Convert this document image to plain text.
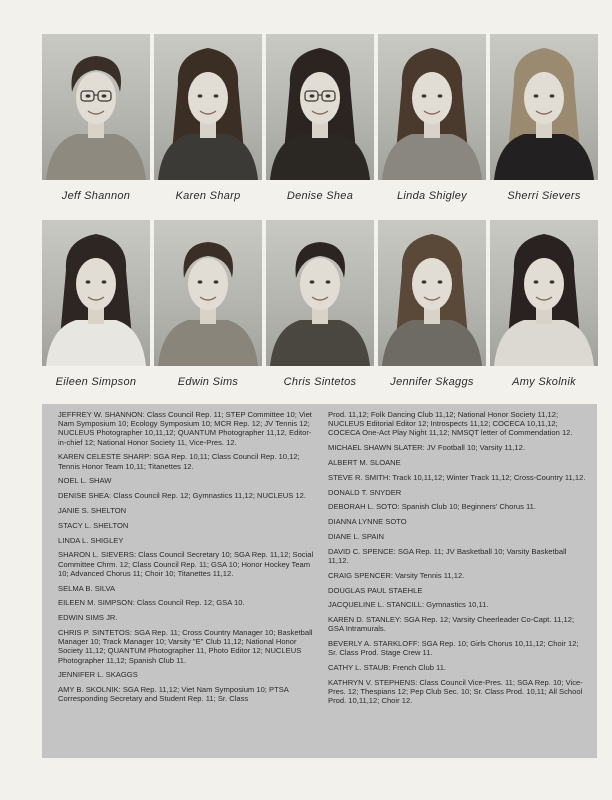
Jeff Shannon	Karen Sharp	Denise Shea	Linda Shigley	Sherri Sievers
Eileen Simpson	Edwin Sims	Chris Sintetos	Jennifer Skaggs	Amy Skolnik

JEFFREY W. SHANNON: Class Council Rep. 11; STEP Committee 10; Viet Nam Symposium 10; Ecology Symposium 10; MCR Rep. 12; JV Tennis 12; NUCLEUS Photographer 10,11,12; QUANTUM Photographer 11,12, Editor-in-chief 12; National Honor Society 11, Vice-Pres. 12.

KAREN CELESTE SHARP: SGA Rep. 10,11; Class Council Rep. 10,12; Tennis Honor Team 10,11; Titanettes 12.

NOEL L. SHAW

DENISE SHEA: Class Council Rep. 12; Gymnastics 11,12; NUCLEUS 12.

JANIE S. SHELTON

STACY L. SHELTON

LINDA L. SHIGLEY

SHARON L. SIEVERS: Class Council Secretary 10; SGA Rep. 11,12; Social Committee Chrm. 12; Class Council Rep. 11; GSA 10; Honor Hockey Team 10; Advanced Chorus 11; Choir 10; Titanettes 11,12.

SELMA B. SILVA

EILEEN M. SIMPSON: Class Council Rep. 12; GSA 10.

EDWIN SIMS JR.

CHRIS P. SINTETOS: SGA Rep. 11; Cross Country Manager 10; Basketball Manager 10; Track Manager 10; Varsity "E" Club 11,12; National Honor Society 11,12; QUANTUM Photographer 11, Photo Editor 12; NUCLEUS Photographer 11,12; Spanish Club 11.

JENNIFER L. SKAGGS

AMY B. SKOLNIK: SGA Rep. 11,12; Viet Nam Symposium 10; PTSA Corresponding Secretary and Student Rep. 11; Sr. Class

Prod. 11,12; Folk Dancing Club 11,12; National Honor Society 11,12; NUCLEUS Editorial Editor 12; Introspects 11,12; COCECA 10,11,12; COCECA One-Act Play Night 11,12; NMSQT letter of Commendation 12.

MICHAEL SHAWN SLATER: JV Football 10; Varsity 11,12.

ALBERT M. SLOANE

STEVE R. SMITH: Track 10,11,12; Winter Track 11,12; Cross-Country 11,12.

DONALD T. SNYDER

DEBORAH L. SOTO: Spanish Club 10; Beginners' Chorus 11.

DIANNA LYNNE SOTO

DIANE L. SPAIN

DAVID C. SPENCE: SGA Rep. 11; JV Basketball 10; Varsity Basketball 11,12.

CRAIG SPENCER: Varsity Tennis 11,12.

DOUGLAS PAUL STAEHLE

JACQUELINE L. STANCILL: Gymnastics 10,11.

KAREN D. STANLEY: SGA Rep. 12; Varsity Cheerleader Co-Capt. 11,12; GSA Intramurals.

BEVERLY A. STARKLOFF: SGA Rep. 10; Girls Chorus 10,11,12; Choir 12; Sr. Class Prod. Stage Crew 11.

CATHY L. STAUB: French Club 11.

KATHRYN V. STEPHENS: Class Council Vice-Pres. 11; SGA Rep. 10; Vice-Pres. 12; Thespians 12; Pep Club Sec. 10; Sr. Class Prod. 10,11; All School Prod. 10,11,12; Choir 12.
